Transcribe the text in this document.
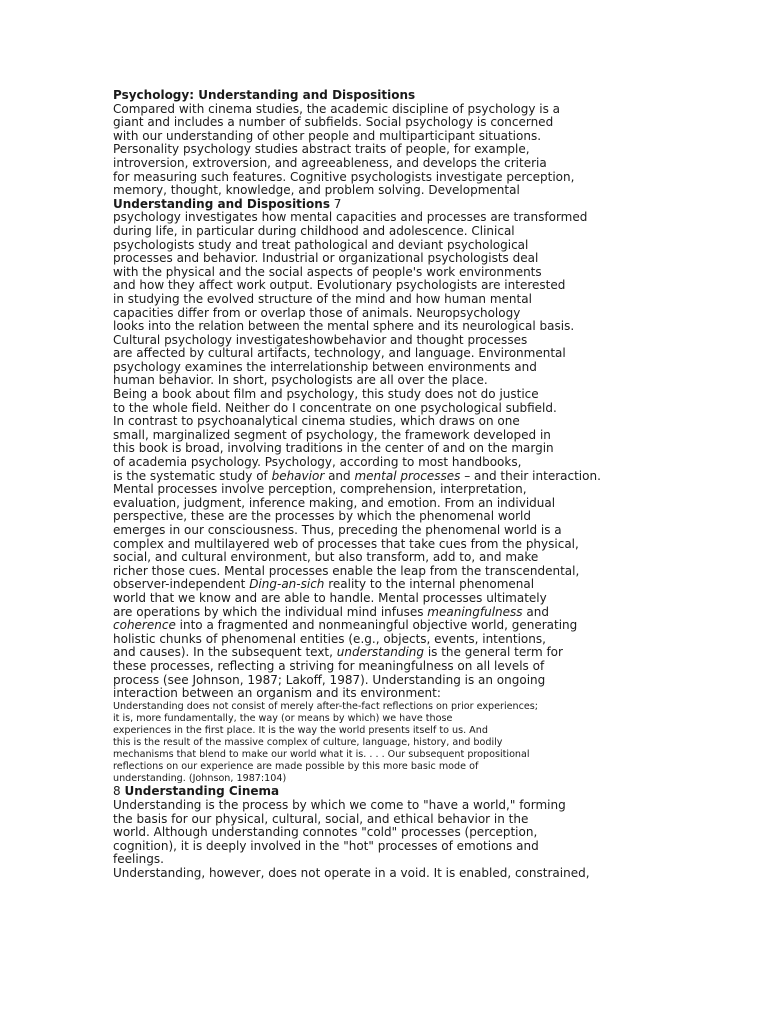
Psychology: Understanding and Dispositions
Compared with cinema studies, the academic discipline of psychology is a
giant and includes a number of subfields. Social psychology is concerned
with our understanding of other people and multiparticipant situations.
Personality psychology studies abstract traits of people, for example,
introversion, extroversion, and agreeableness, and develops the criteria
for measuring such features. Cognitive psychologists investigate perception,
memory, thought, knowledge, and problem solving. Developmental
Understanding and Dispositions 7
psychology investigates how mental capacities and processes are transformed
during life, in particular during childhood and adolescence. Clinical
psychologists study and treat pathological and deviant psychological
processes and behavior. Industrial or organizational psychologists deal
with the physical and the social aspects of people's work environments
and how they affect work output. Evolutionary psychologists are interested
in studying the evolved structure of the mind and how human mental
capacities differ from or overlap those of animals. Neuropsychology
looks into the relation between the mental sphere and its neurological basis.
Cultural psychology investigateshowbehavior and thought processes
are affected by cultural artifacts, technology, and language. Environmental
psychology examines the interrelationship between environments and
human behavior. In short, psychologists are all over the place.
Being a book about film and psychology, this study does not do justice
to the whole field. Neither do I concentrate on one psychological subfield.
In contrast to psychoanalytical cinema studies, which draws on one
small, marginalized segment of psychology, the framework developed in
this book is broad, involving traditions in the center of and on the margin
of academia psychology. Psychology, according to most handbooks,
is the systematic study of behavior and mental processes – and their interaction.
Mental processes involve perception, comprehension, interpretation,
evaluation, judgment, inference making, and emotion. From an individual
perspective, these are the processes by which the phenomenal world
emerges in our consciousness. Thus, preceding the phenomenal world is a
complex and multilayered web of processes that take cues from the physical,
social, and cultural environment, but also transform, add to, and make
richer those cues. Mental processes enable the leap from the transcendental,
observer-independent Ding-an-sich reality to the internal phenomenal
world that we know and are able to handle. Mental processes ultimately
are operations by which the individual mind infuses meaningfulness and
coherence into a fragmented and nonmeaningful objective world, generating
holistic chunks of phenomenal entities (e.g., objects, events, intentions,
and causes). In the subsequent text, understanding is the general term for
these processes, reflecting a striving for meaningfulness on all levels of
process (see Johnson, 1987; Lakoff, 1987). Understanding is an ongoing
interaction between an organism and its environment:
Understanding does not consist of merely after-the-fact reflections on prior experiences;
it is, more fundamentally, the way (or means by which) we have those
experiences in the first place. It is the way the world presents itself to us. And
this is the result of the massive complex of culture, language, history, and bodily
mechanisms that blend to make our world what it is. . . . Our subsequent propositional
reflections on our experience are made possible by this more basic mode of
understanding. (Johnson, 1987:104)
8 Understanding Cinema
Understanding is the process by which we come to "have a world," forming
the basis for our physical, cultural, social, and ethical behavior in the
world. Although understanding connotes "cold" processes (perception,
cognition), it is deeply involved in the "hot" processes of emotions and
feelings.
Understanding, however, does not operate in a void. It is enabled, constrained,
